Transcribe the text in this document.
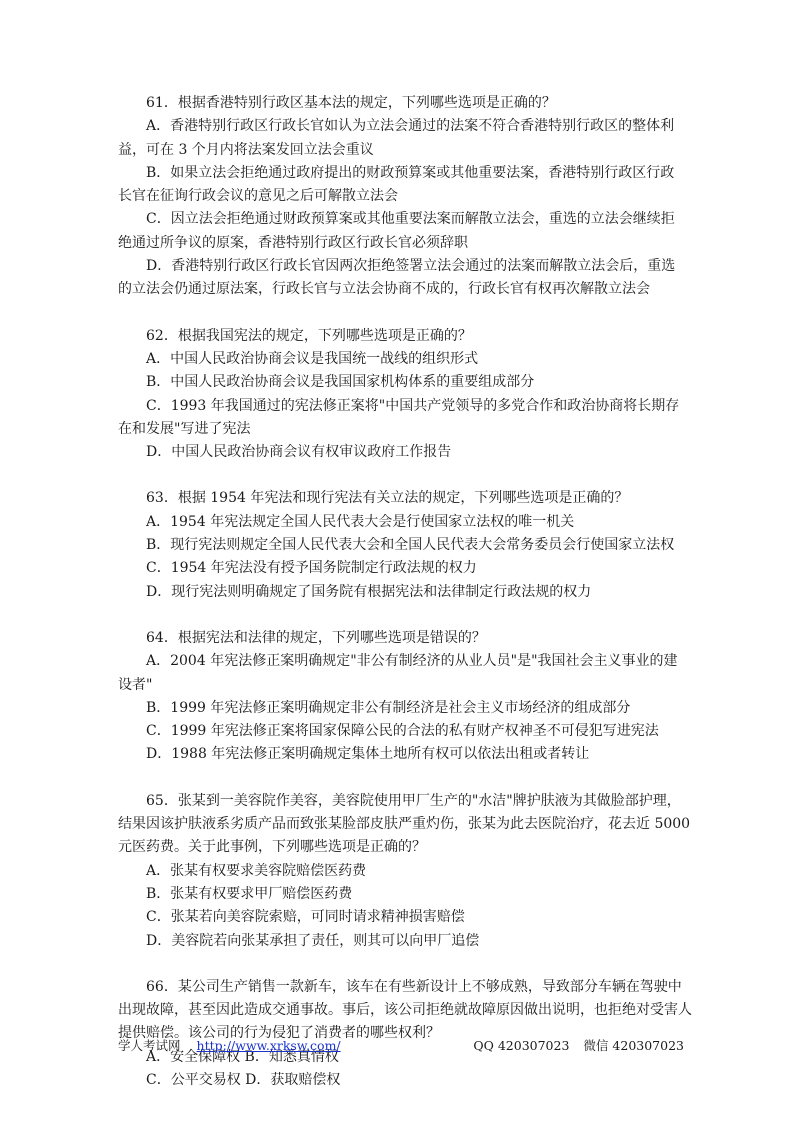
61．根据香港特别行政区基本法的规定，下列哪些选项是正确的？
A．香港特别行政区行政长官如认为立法会通过的法案不符合香港特别行政区的整体利
益，可在 3 个月内将法案发回立法会重议
B．如果立法会拒绝通过政府提出的财政预算案或其他重要法案，香港特别行政区行政
长官在征询行政会议的意见之后可解散立法会
C．因立法会拒绝通过财政预算案或其他重要法案而解散立法会，重选的立法会继续拒
绝通过所争议的原案，香港特别行政区行政长官必须辞职
D．香港特别行政区行政长官因两次拒绝签署立法会通过的法案而解散立法会后，重选
的立法会仍通过原法案，行政长官与立法会协商不成的，行政长官有权再次解散立法会
62．根据我国宪法的规定，下列哪些选项是正确的？
A．中国人民政治协商会议是我国统一战线的组织形式
B．中国人民政治协商会议是我国国家机构体系的重要组成部分
C．1993 年我国通过的宪法修正案将"中国共产党领导的多党合作和政治协商将长期存
在和发展"写进了宪法
D．中国人民政治协商会议有权审议政府工作报告
63．根据 1954 年宪法和现行宪法有关立法的规定，下列哪些选项是正确的？
A．1954 年宪法规定全国人民代表大会是行使国家立法权的唯一机关
B．现行宪法则规定全国人民代表大会和全国人民代表大会常务委员会行使国家立法权
C．1954 年宪法没有授予国务院制定行政法规的权力
D．现行宪法则明确规定了国务院有根据宪法和法律制定行政法规的权力
64．根据宪法和法律的规定，下列哪些选项是错误的？
A．2004 年宪法修正案明确规定"非公有制经济的从业人员"是"我国社会主义事业的建
设者"
B．1999 年宪法修正案明确规定非公有制经济是社会主义市场经济的组成部分
C．1999 年宪法修正案将国家保障公民的合法的私有财产权神圣不可侵犯写进宪法
D．1988 年宪法修正案明确规定集体土地所有权可以依法出租或者转让
65．张某到一美容院作美容，美容院使用甲厂生产的"水洁"牌护肤液为其做脸部护理，
结果因该护肤液系劣质产品而致张某脸部皮肤严重灼伤，张某为此去医院治疗，花去近 5000
元医药费。关于此事例，下列哪些选项是正确的？
A．张某有权要求美容院赔偿医药费
B．张某有权要求甲厂赔偿医药费
C．张某若向美容院索赔，可同时请求精神损害赔偿
D．美容院若向张某承担了责任，则其可以向甲厂追偿
66．某公司生产销售一款新车，该车在有些新设计上不够成熟，导致部分车辆在驾驶中
出现故障，甚至因此造成交通事故。事后，该公司拒绝就故障原因做出说明，也拒绝对受害人
提供赔偿。该公司的行为侵犯了消费者的哪些权利？
A．安全保障权 B．知悉真情权
C．公平交易权 D．获取赔偿权
学人考试网 http://www.xrksw.com/	QQ 420307023 微信 420307023
